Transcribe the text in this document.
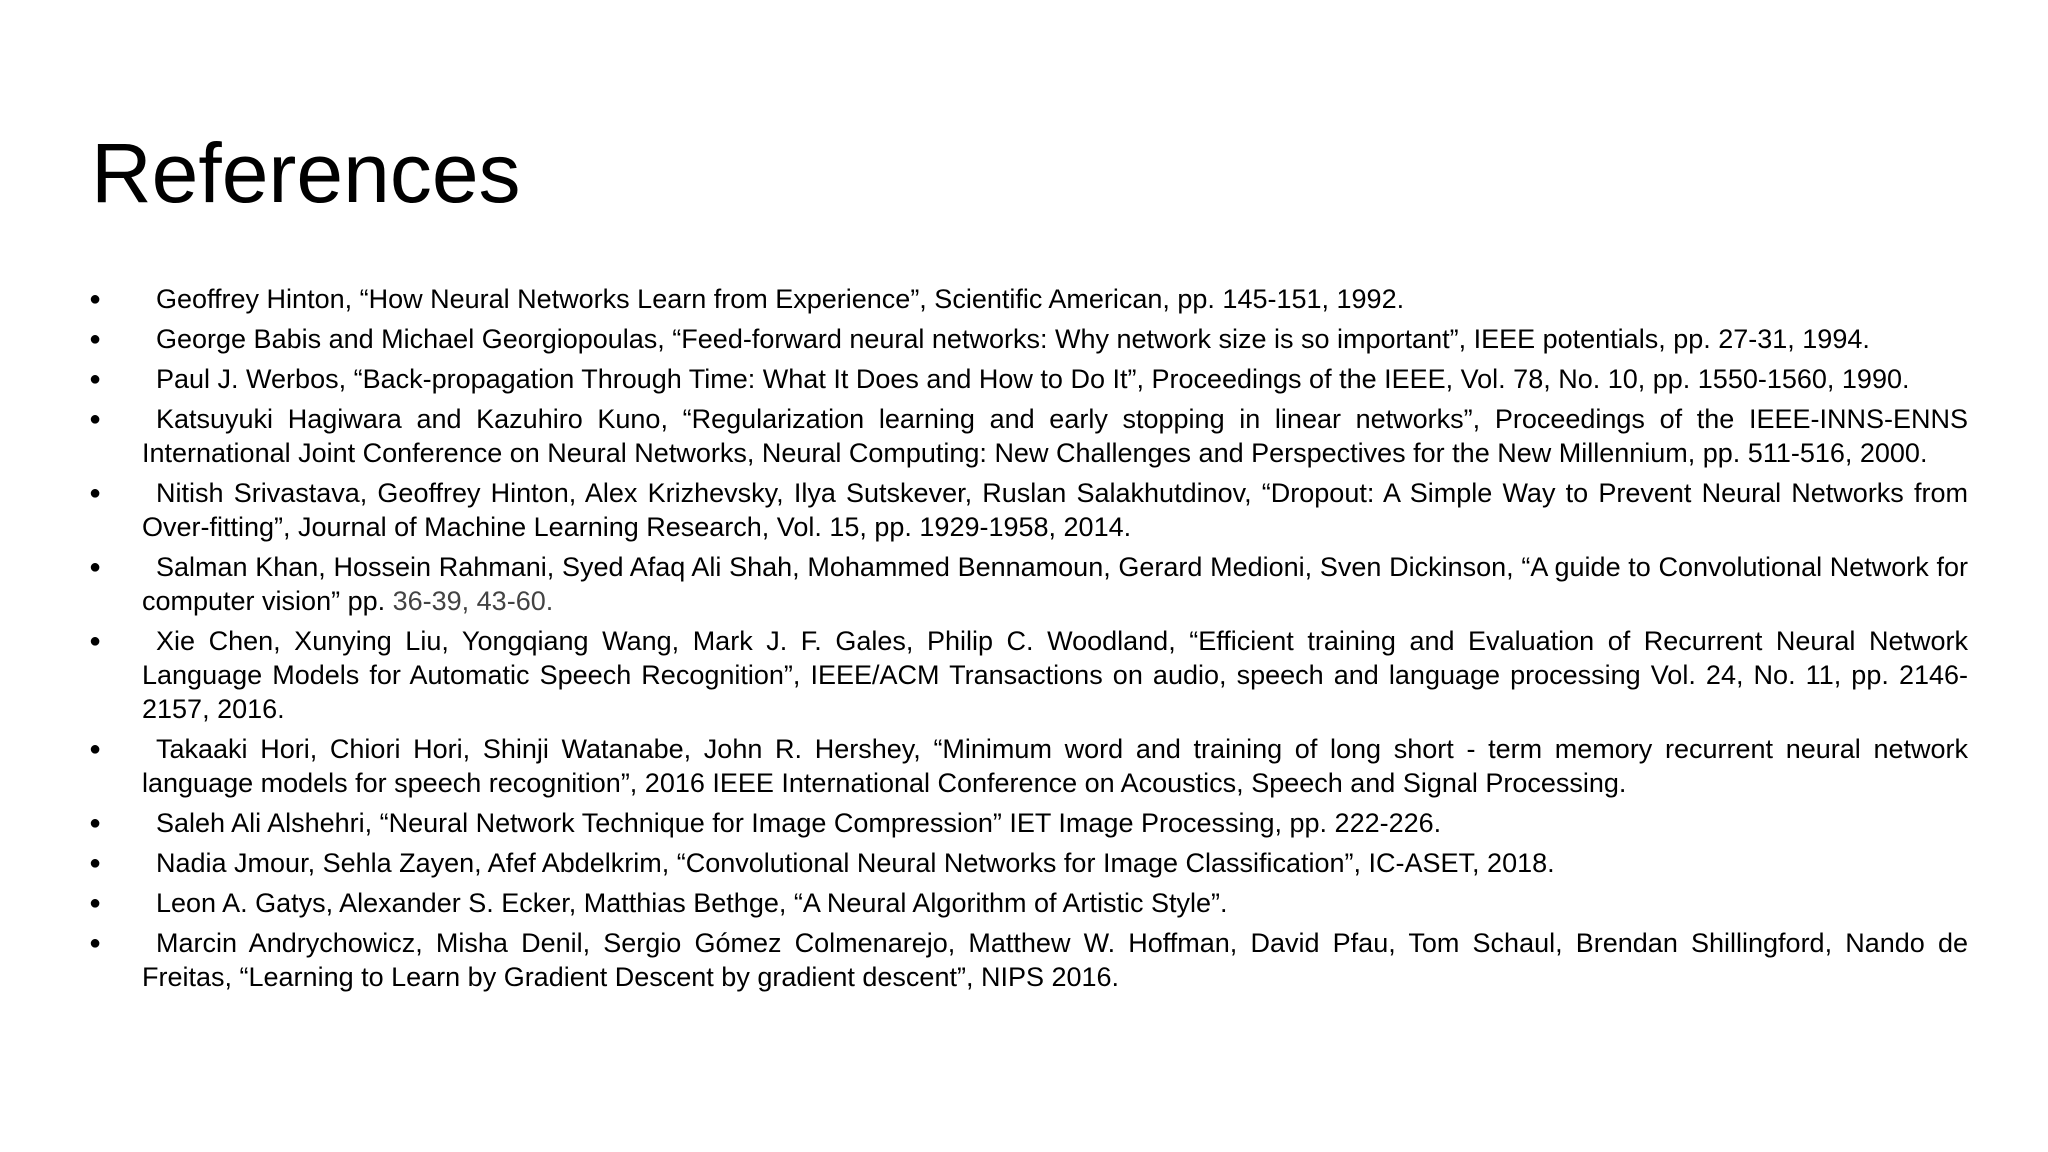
References
● Geoffrey Hinton, “How Neural Networks Learn from Experience”, Scientific American, pp. 145-151, 1992.
● George Babis and Michael Georgiopoulas, “Feed-forward neural networks: Why network size is so important”, IEEE potentials, pp. 27-31, 1994.
● Paul J. Werbos, “Back-propagation Through Time: What It Does and How to Do It”, Proceedings of the IEEE, Vol. 78, No. 10, pp. 1550-1560, 1990.
● Katsuyuki Hagiwara and Kazuhiro Kuno, “Regularization learning and early stopping in linear networks”, Proceedings of the IEEE-INNS-ENNS International Joint Conference on Neural Networks, Neural Computing: New Challenges and Perspectives for the New Millennium, pp. 511-516, 2000.
● Nitish Srivastava, Geoffrey Hinton, Alex Krizhevsky, Ilya Sutskever, Ruslan Salakhutdinov, “Dropout: A Simple Way to Prevent Neural Networks from Over-fitting”, Journal of Machine Learning Research, Vol. 15, pp. 1929-1958, 2014.
● Salman Khan, Hossein Rahmani, Syed Afaq Ali Shah, Mohammed Bennamoun, Gerard Medioni, Sven Dickinson, “A guide to Convolutional Network for computer vision” pp. 36-39, 43-60.
● Xie Chen, Xunying Liu, Yongqiang Wang, Mark J. F. Gales, Philip C. Woodland, “Efficient training and Evaluation of Recurrent Neural Network Language Models for Automatic Speech Recognition”, IEEE/ACM Transactions on audio, speech and language processing Vol. 24, No. 11, pp. 2146-2157, 2016.
● Takaaki Hori, Chiori Hori, Shinji Watanabe, John R. Hershey, “Minimum word and training of long short - term memory recurrent neural network language models for speech recognition”, 2016 IEEE International Conference on Acoustics, Speech and Signal Processing.
● Saleh Ali Alshehri, “Neural Network Technique for Image Compression” IET Image Processing, pp. 222-226.
● Nadia Jmour, Sehla Zayen, Afef Abdelkrim, “Convolutional Neural Networks for Image Classification”, IC-ASET, 2018.
● Leon A. Gatys, Alexander S. Ecker, Matthias Bethge, “A Neural Algorithm of Artistic Style”.
● Marcin Andrychowicz, Misha Denil, Sergio Gómez Colmenarejo, Matthew W. Hoffman, David Pfau, Tom Schaul, Brendan Shillingford, Nando de Freitas, “Learning to Learn by Gradient Descent by gradient descent”, NIPS 2016.
